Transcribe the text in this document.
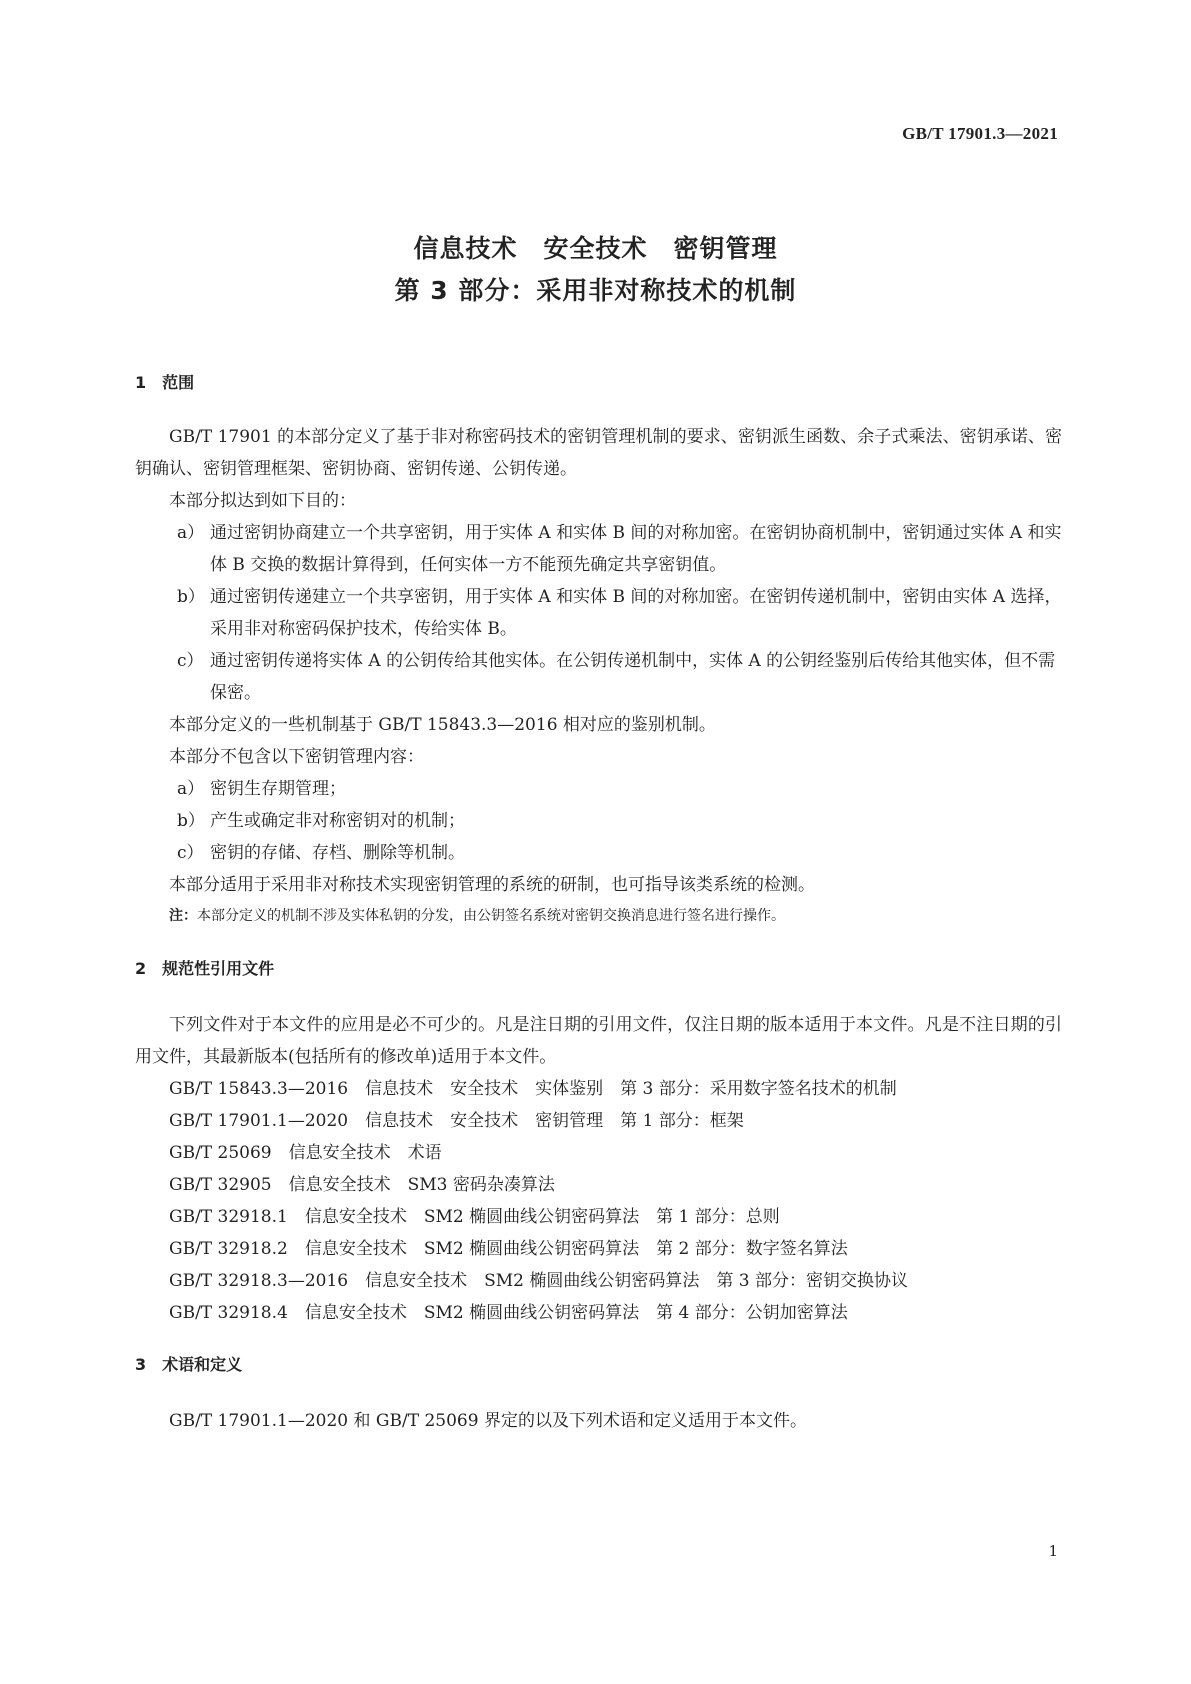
GB/T 17901.3—2021
信息技术　安全技术　密钥管理
第 3 部分：采用非对称技术的机制
1　范围

GB/T 17901 的本部分定义了基于非对称密码技术的密钥管理机制的要求、密钥派生函数、余子式乘法、密钥承诺、密钥确认、密钥管理框架、密钥协商、密钥传递、公钥传递。

本部分拟达到如下目的：

a） 通过密钥协商建立一个共享密钥，用于实体 A 和实体 B 间的对称加密。在密钥协商机制中，密钥通过实体 A 和实体 B 交换的数据计算得到，任何实体一方不能预先确定共享密钥值。
b） 通过密钥传递建立一个共享密钥，用于实体 A 和实体 B 间的对称加密。在密钥传递机制中，密钥由实体 A 选择，采用非对称密码保护技术，传给实体 B。
c） 通过密钥传递将实体 A 的公钥传给其他实体。在公钥传递机制中，实体 A 的公钥经鉴别后传给其他实体，但不需保密。

本部分定义的一些机制基于 GB/T 15843.3—2016 相对应的鉴别机制。

本部分不包含以下密钥管理内容：

a） 密钥生存期管理；
b） 产生或确定非对称密钥对的机制；
c） 密钥的存储、存档、删除等机制。

本部分适用于采用非对称技术实现密钥管理的系统的研制，也可指导该类系统的检测。

注：本部分定义的机制不涉及实体私钥的分发，由公钥签名系统对密钥交换消息进行签名进行操作。
2　规范性引用文件

下列文件对于本文件的应用是必不可少的。凡是注日期的引用文件，仅注日期的版本适用于本文件。凡是不注日期的引用文件，其最新版本(包括所有的修改单)适用于本文件。

GB/T 15843.3—2016　信息技术　安全技术　实体鉴别　第 3 部分：采用数字签名技术的机制
GB/T 17901.1—2020　信息技术　安全技术　密钥管理　第 1 部分：框架
GB/T 25069　信息安全技术　术语
GB/T 32905　信息安全技术　SM3 密码杂凑算法
GB/T 32918.1　信息安全技术　SM2 椭圆曲线公钥密码算法　第 1 部分：总则
GB/T 32918.2　信息安全技术　SM2 椭圆曲线公钥密码算法　第 2 部分：数字签名算法
GB/T 32918.3—2016　信息安全技术　SM2 椭圆曲线公钥密码算法　第 3 部分：密钥交换协议
GB/T 32918.4　信息安全技术　SM2 椭圆曲线公钥密码算法　第 4 部分：公钥加密算法
3　术语和定义

GB/T 17901.1—2020 和 GB/T 25069 界定的以及下列术语和定义适用于本文件。

1
